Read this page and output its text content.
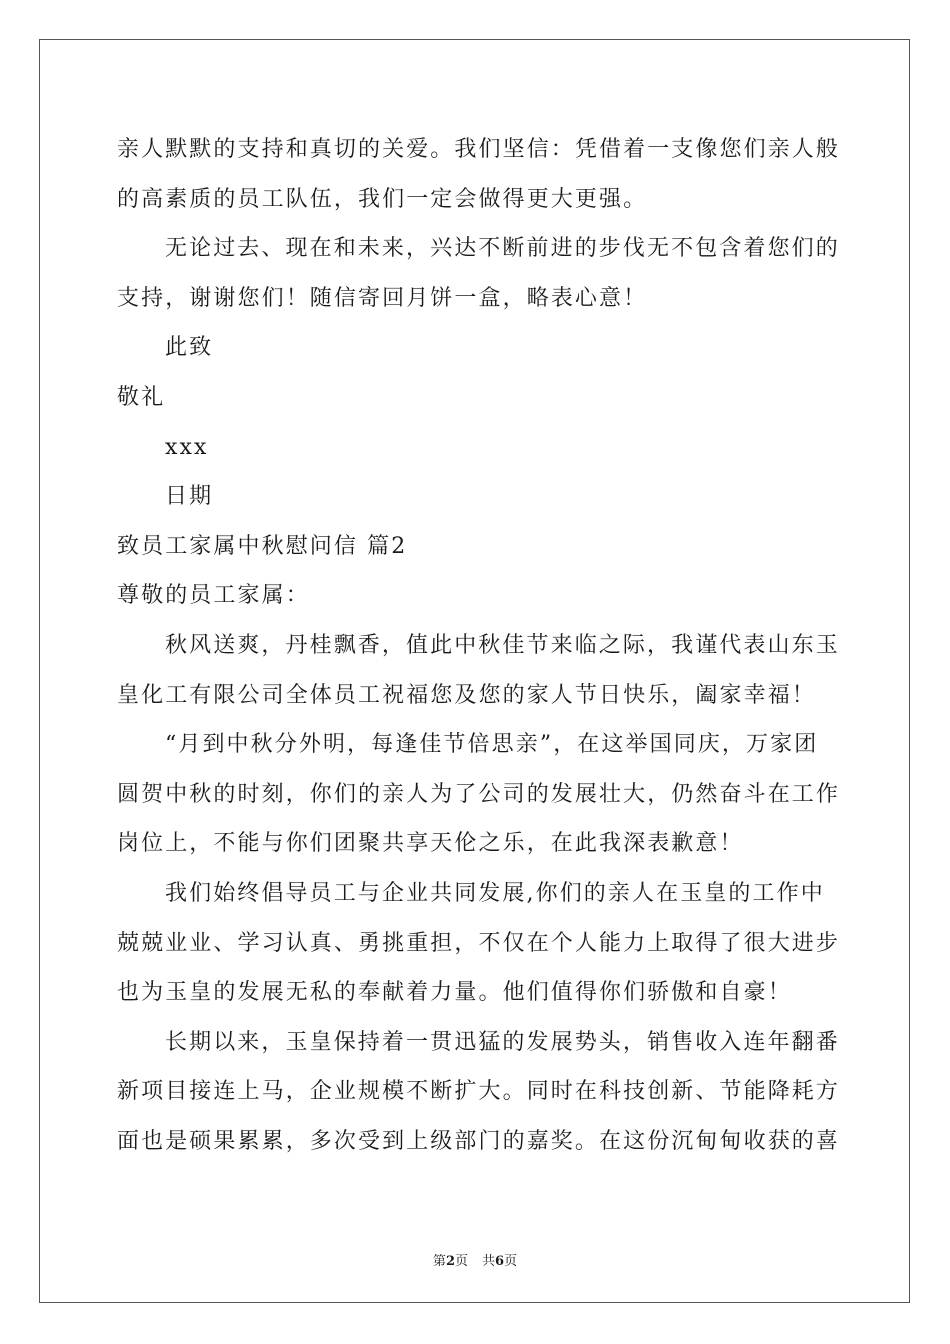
亲人默默的支持和真切的关爱。我们坚信：凭借着一支像您们亲人般
的高素质的员工队伍，我们一定会做得更大更强。
无论过去、现在和未来，兴达不断前进的步伐无不包含着您们的
支持，谢谢您们！随信寄回月饼一盒，略表心意！
此致
敬礼
xxx
日期
致员工家属中秋慰问信 篇2
尊敬的员工家属：
秋风送爽，丹桂飘香，值此中秋佳节来临之际，我谨代表山东玉
皇化工有限公司全体员工祝福您及您的家人节日快乐，阖家幸福！
“月到中秋分外明，每逢佳节倍思亲”，在这举国同庆，万家团
圆贺中秋的时刻，你们的亲人为了公司的发展壮大，仍然奋斗在工作
岗位上，不能与你们团聚共享天伦之乐，在此我深表歉意！
我们始终倡导员工与企业共同发展,你们的亲人在玉皇的工作中
兢兢业业、学习认真、勇挑重担，不仅在个人能力上取得了很大进步
也为玉皇的发展无私的奉献着力量。他们值得你们骄傲和自豪！
长期以来，玉皇保持着一贯迅猛的发展势头，销售收入连年翻番
新项目接连上马，企业规模不断扩大。同时在科技创新、节能降耗方
面也是硕果累累，多次受到上级部门的嘉奖。在这份沉甸甸收获的喜
第2页 共6页
